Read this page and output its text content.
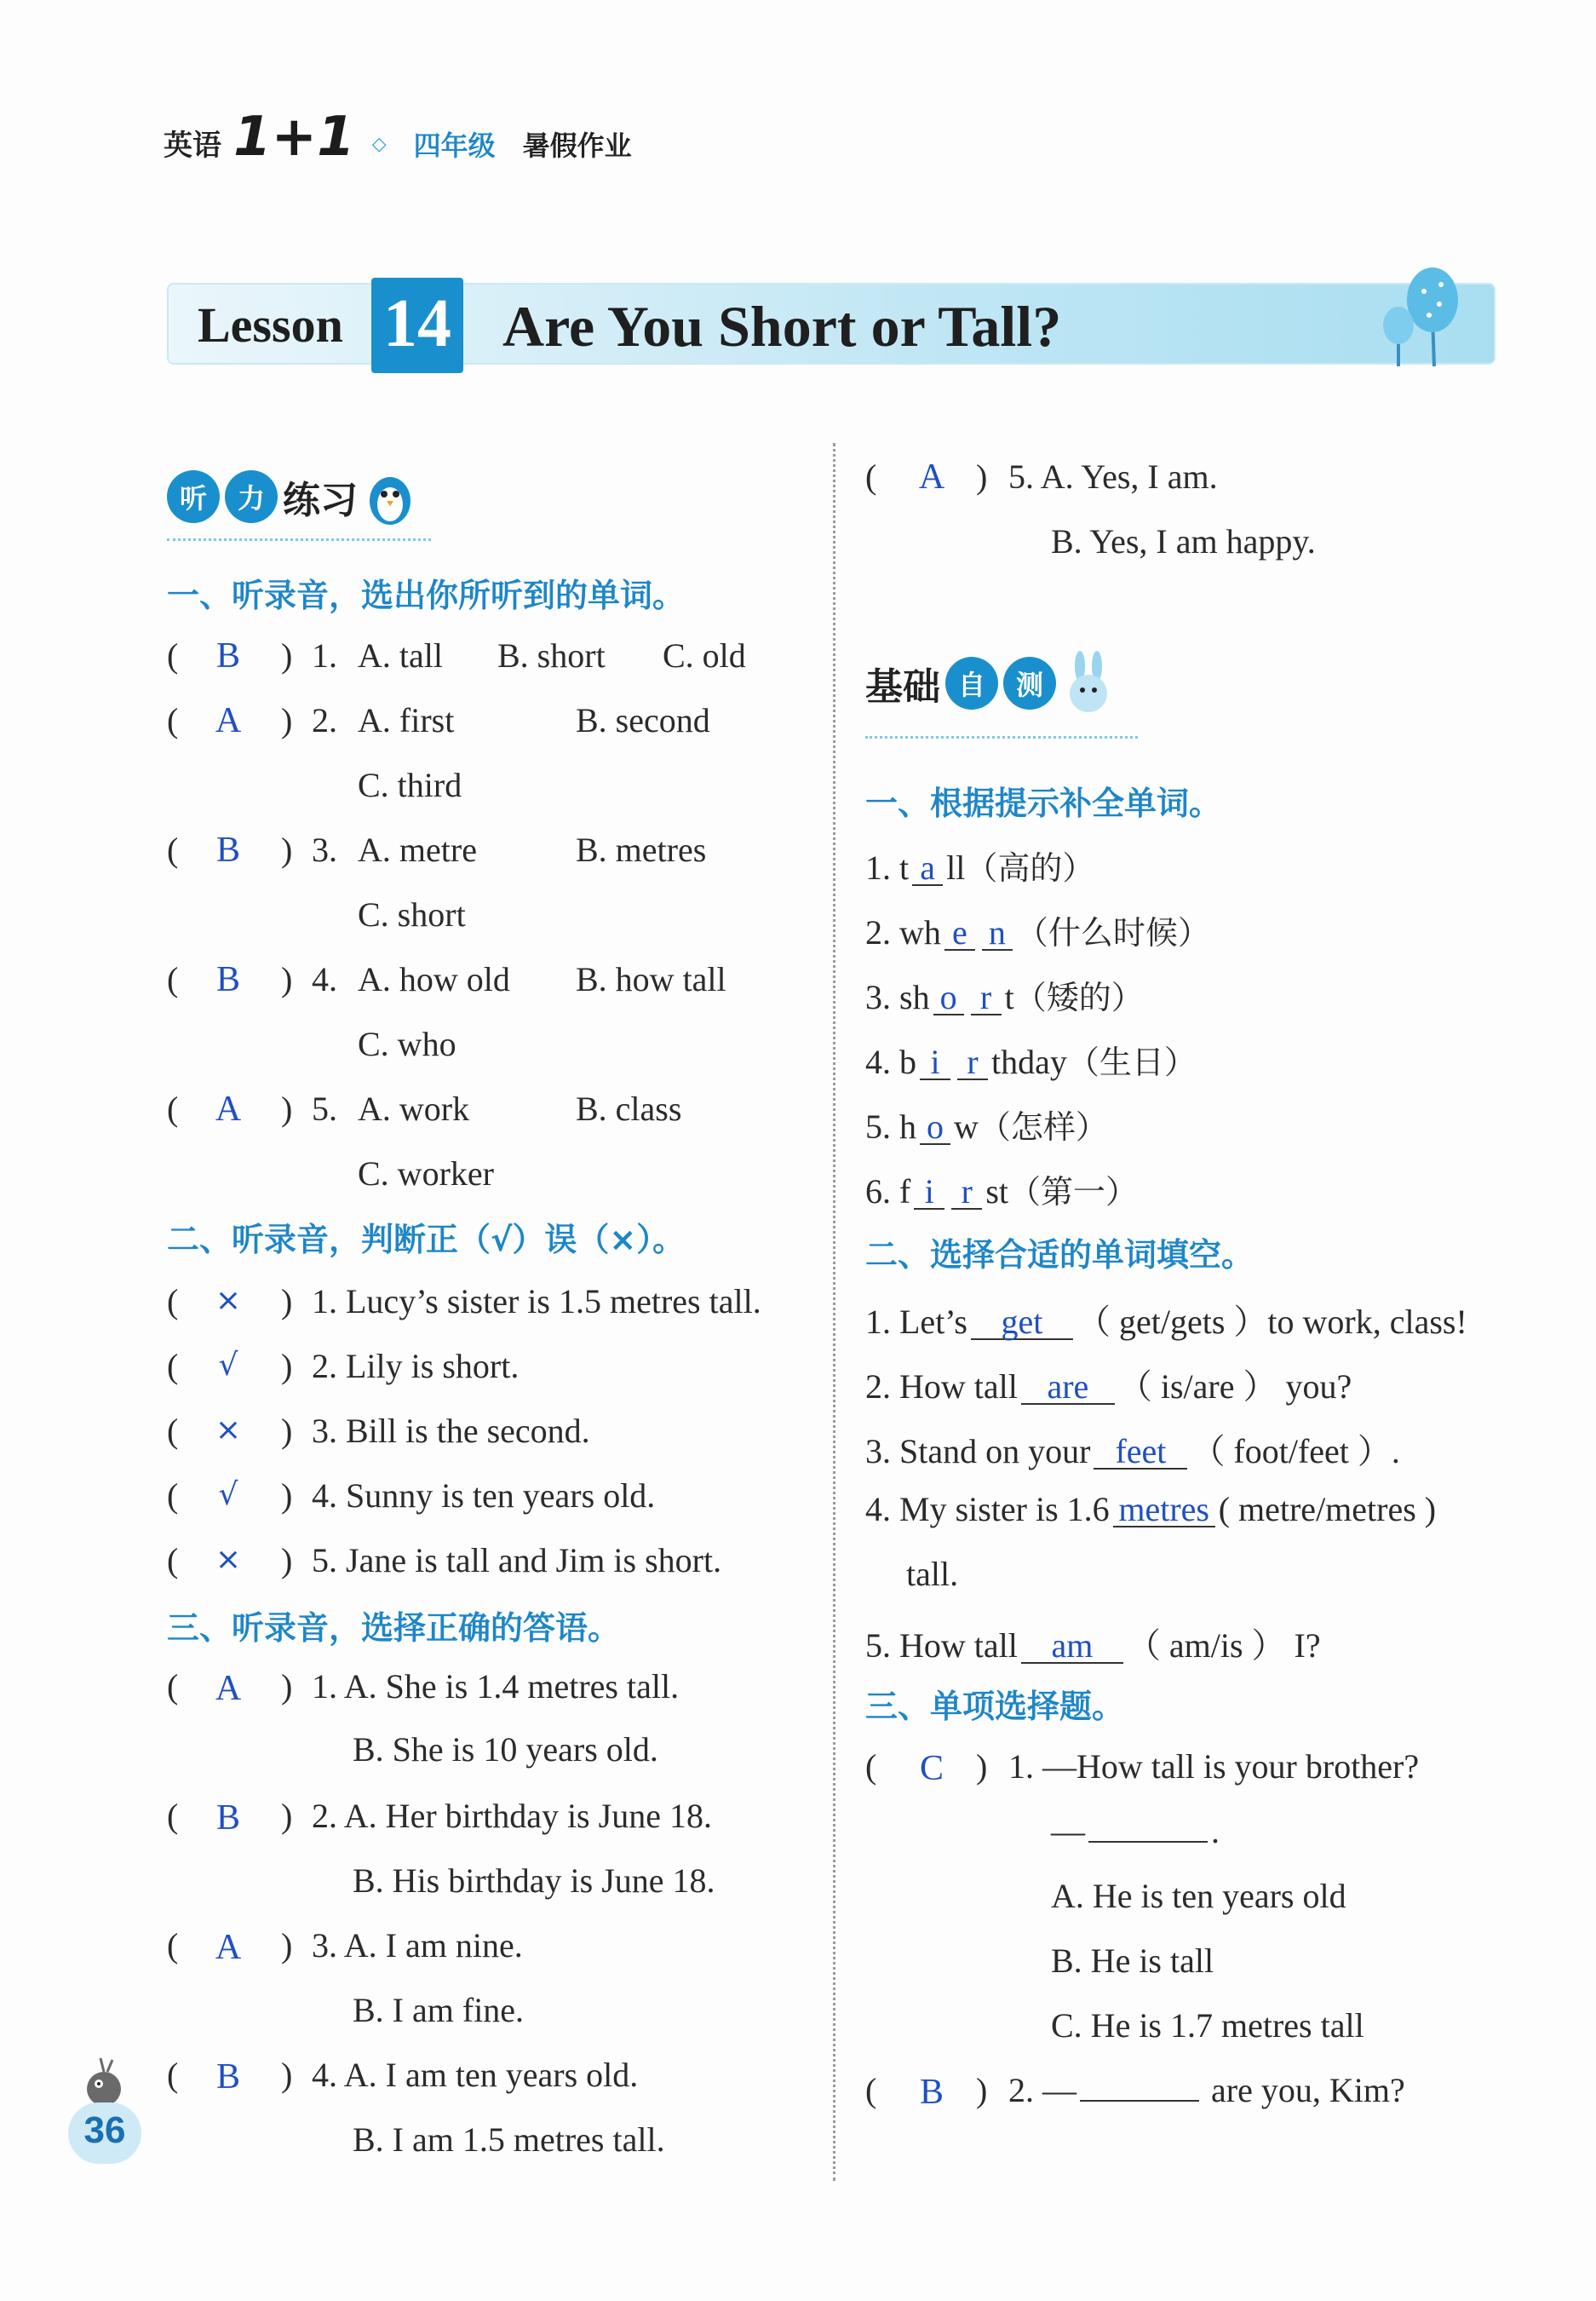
英语 1+1 ◇ 四年级 暑假作业
Lesson 14 Are You Short or Tall?
听	力 练习
一、听录音，选出你所听到的单词。
(	B	) 1. A. tall B. short C. old
(	A	) 2. A. first	B. second
C. third
(	B	) 3. A. metre	B. metres
C. short
(	B	) 4. A. how old B. how tall
C. who
(	A	) 5. A. work	B. class
C. worker
二、听录音，判断正（√）误（×）。
(	×	) 1. Lucy’s sister is 1.5 metres tall.
(	√	) 2. Lily is short.
(	×	) 3. Bill is the second.
(	√	) 4. Sunny is ten years old.
(	×	) 5. Jane is tall and Jim is short.
三、听录音，选择正确的答语。
(	A	) 1. A. She is 1.4 metres tall.
B. She is 10 years old.
(	B	) 2. A. Her birthday is June 18.
B. His birthday is June 18.
(	A	) 3. A. I am nine.
B. I am fine.
(	B	) 4. A. I am ten years old.
B. I am 1.5 metres tall.
36
(	A ) 5. A. Yes, I am.
B. Yes, I am happy.
基础 自	测
一、根据提示补全单词。
1. t a ll（高的）
2. wh e n （什么时候）
3. sh o r t（矮的）
4. b i r thday（生日）
5. h o w（怎样）
6. f i r st（第一）
二、选择合适的单词填空。
1. Let’s get （ get/gets ）to work, class!
2. How tall are （ is/are ） you?
3. Stand on your feet （ foot/feet ）.
4. My sister is 1.6 metres ( metre/metres )
tall.
5. How tall am （ am/is ） I?
三、单项选择题。
(	C ) 1. —How tall is your brother?
—	.
A. He is ten years old
B. He is tall
C. He is 1.7 metres tall
(	B ) 2. —	are you, Kim?
